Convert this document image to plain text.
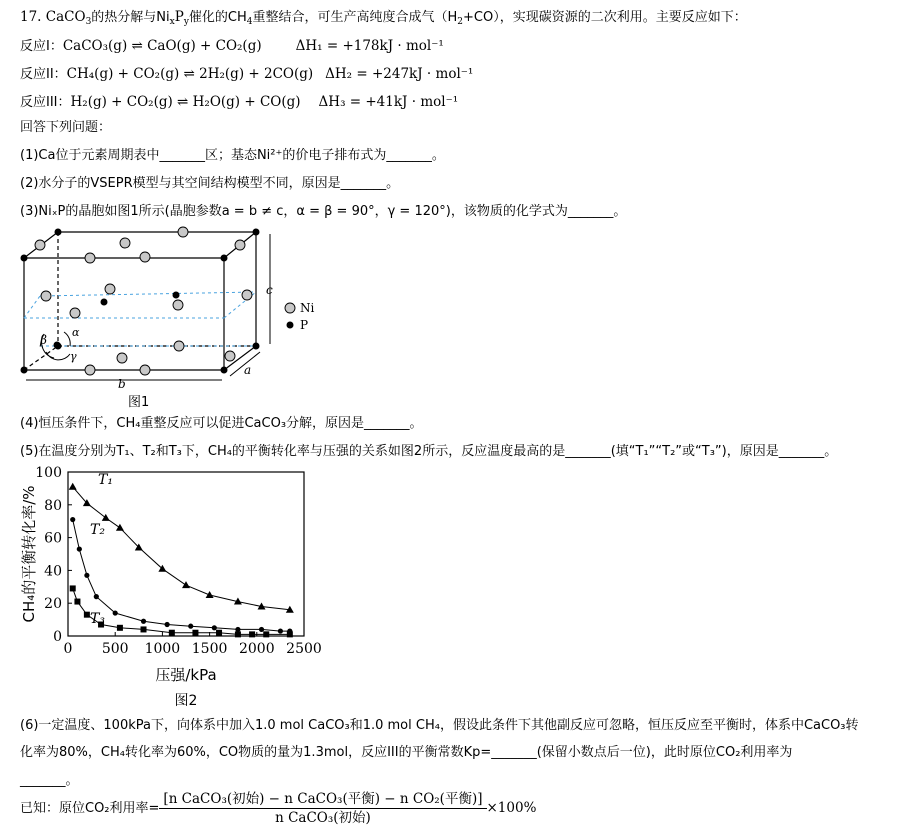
17. CaCO$_3$的热分解与$Ni_xP_y$催化的$CH_4$重整结合，可生产高纯度合成气$(H_2+CO)$，实现碳资源的二次利用。主要反应如下：
反应I：CaCO₃(g) ⇌ CaO(g) + CO₂(g)	ΔH₁ = +178kJ · mol⁻¹
反应II：CH₄(g) + CO₂(g) ⇌ 2H₂(g) + 2CO(g) ΔH₂ = +247kJ · mol⁻¹
反应III：H₂(g) + CO₂(g) ⇌ H₂O(g) + CO(g) ΔH₃ = +41kJ · mol⁻¹
回答下列问题：
(1)Ca位于元素周期表中_______区；基态Ni²⁺的价电子排布式为_______。
(2)水分子的VSEPR模型与其空间结构模型不同，原因是_______。
(3)NiₓP的晶胞如图1所示(晶胞参数a = b ≠ c，α = β = 90°，γ = 120°)，该物质的化学式为_______。
c
b
a
β
α
γ
Ni
P
图1
(4)恒压条件下，CH₄重整反应可以促进CaCO₃分解，原因是_______。
(5)在温度分别为T₁、T₂和T₃下，CH₄的平衡转化率与压强的关系如图2所示，反应温度最高的是_______(填“T₁”“T₂”或“T₃”)，原因是_______。
0 500 1000 1500 2000 2500
0
20
40
60
80
100
压强/kPa
CH₄的平衡转化率/%
T₁
T₂
T₃
图2
(6)一定温度、100kPa下，向体系中加入1.0 mol CaCO₃和1.0 mol CH₄，假设此条件下其他副反应可忽略，恒压反应至平衡时，体系中CaCO₃转
化率为80%，CH₄转化率为60%，CO物质的量为1.3mol，反应III的平衡常数Kp=_______(保留小数点后一位)，此时原位CO₂利用率为
_______。
已知：原位CO₂利用率= $\frac{\text{[n CaCO₃(初始) − n CaCO₃(平衡) − n CO₂(平衡)]}}{\text{n CaCO₃(初始)}} \times 100\%$
